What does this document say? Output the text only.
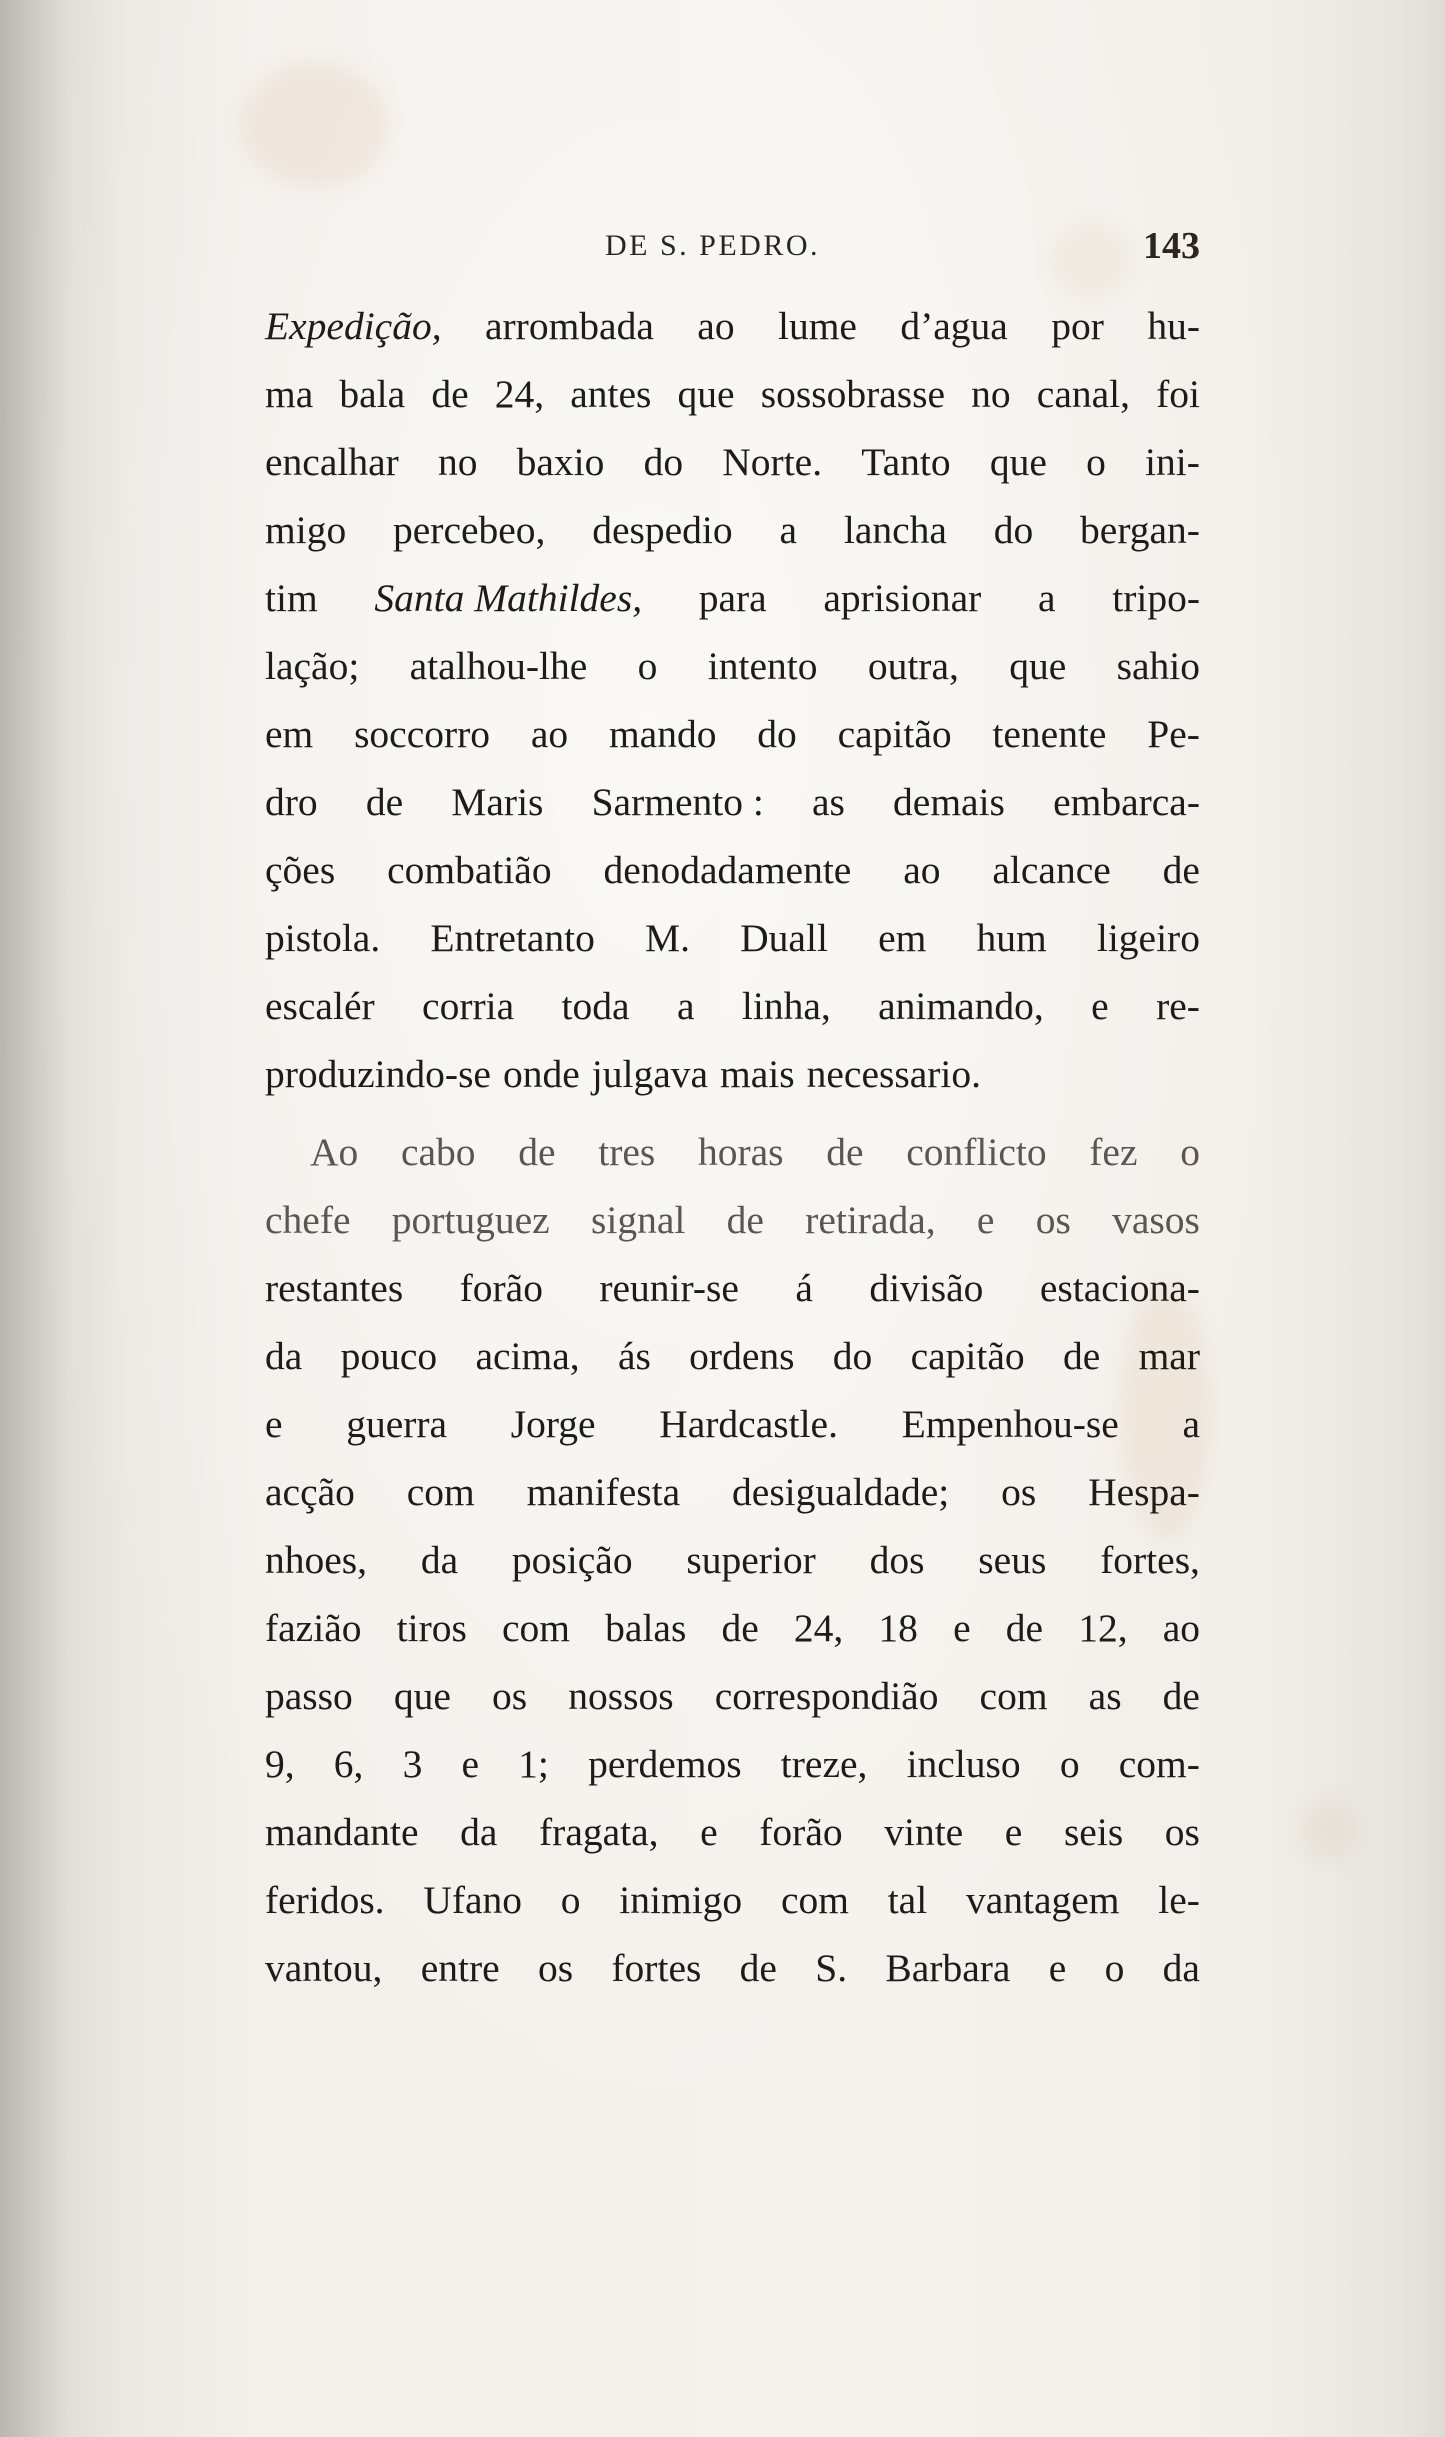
DE S. PEDRO.	143
Expedição, arrombada ao lume d’agua por hu-
ma bala de 24, antes que sossobrasse no canal, foi
encalhar no baxio do Norte. Tanto que o ini-
migo percebeo, despedio a lancha do bergan-
tim Santa Mathildes, para aprisionar a tripo-
lação; atalhou-lhe o intento outra, que sahio
em soccorro ao mando do capitão tenente Pe-
dro de Maris Sarmento : as demais embarca-
ções combatião denodadamente ao alcance de
pistola. Entretanto M. Duall em hum ligeiro
escalér corria toda a linha, animando, e re-
produzindo-se onde julgava mais necessario.
Ao cabo de tres horas de conflicto fez o
chefe portuguez signal de retirada, e os vasos
restantes forão reunir-se á divisão estaciona-
da pouco acima, ás ordens do capitão de mar
e guerra Jorge Hardcastle. Empenhou-se a
acção com manifesta desigualdade; os Hespa-
nhoes, da posição superior dos seus fortes,
fazião tiros com balas de 24, 18 e de 12, ao
passo que os nossos correspondião com as de
9, 6, 3 e 1; perdemos treze, incluso o com-
mandante da fragata, e forão vinte e seis os
feridos. Ufano o inimigo com tal vantagem le-
vantou, entre os fortes de S. Barbara e o da
